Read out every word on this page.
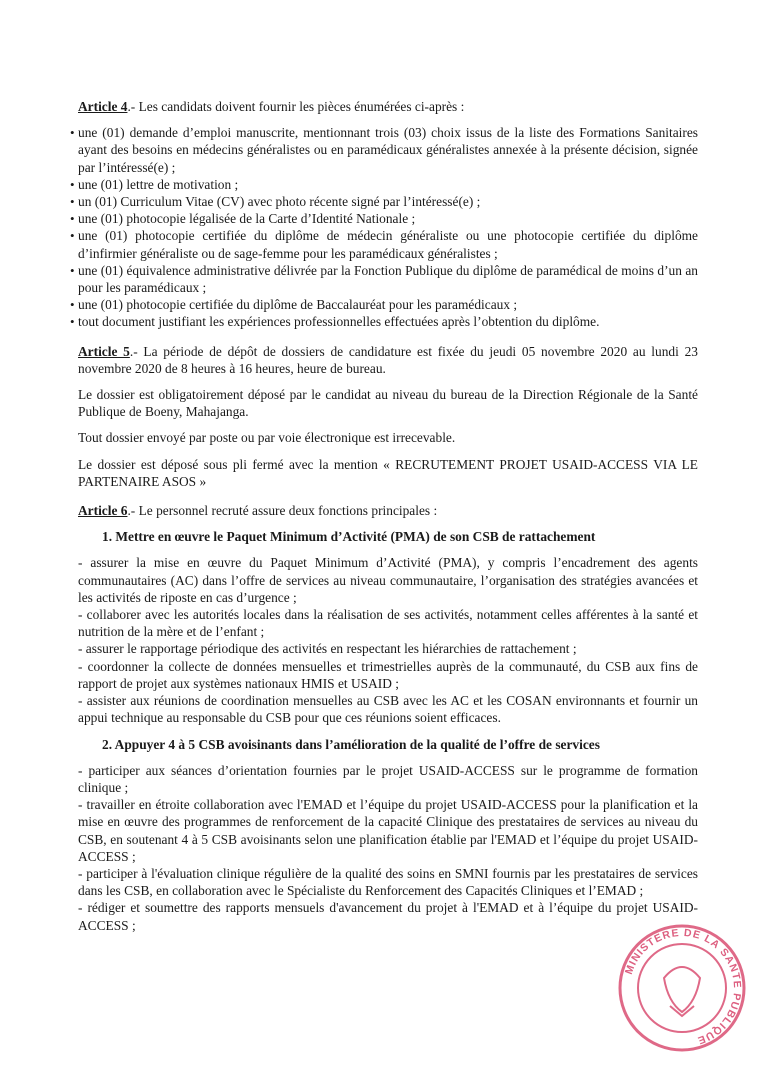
Article 4.- Les candidats doivent fournir les pièces énumérées ci-après :

• une (01) demande d’emploi manuscrite, mentionnant trois (03) choix issus de la liste des Formations Sanitaires ayant des besoins en médecins généralistes ou en paramédicaux généralistes annexée à la présente décision, signée par l’intéressé(e) ;
• une (01) lettre de motivation ;
• un (01) Curriculum Vitae (CV) avec photo récente signé par l’intéressé(e) ;
• une (01) photocopie légalisée de la Carte d’Identité Nationale ;
• une (01) photocopie certifiée du diplôme de médecin généraliste ou une photocopie certifiée du diplôme d’infirmier généraliste ou de sage-femme pour les paramédicaux généralistes ;
• une (01) équivalence administrative délivrée par la Fonction Publique du diplôme de paramédical de moins d’un an pour les paramédicaux ;
• une (01) photocopie certifiée du diplôme de Baccalauréat pour les paramédicaux ;
• tout document justifiant les expériences professionnelles effectuées après l’obtention du diplôme.

Article 5.- La période de dépôt de dossiers de candidature est fixée du jeudi 05 novembre 2020 au lundi 23 novembre 2020 de 8 heures à 16 heures, heure de bureau.

Le dossier est obligatoirement déposé par le candidat au niveau du bureau de la Direction Régionale de la Santé Publique de Boeny, Mahajanga.

Tout dossier envoyé par poste ou par voie électronique est irrecevable.

Le dossier est déposé sous pli fermé avec la mention « RECRUTEMENT PROJET USAID-ACCESS VIA LE PARTENAIRE ASOS »

Article 6.- Le personnel recruté assure deux fonctions principales :

1. Mettre en œuvre le Paquet Minimum d’Activité (PMA) de son CSB de rattachement

- assurer la mise en œuvre du Paquet Minimum d’Activité (PMA), y compris l’encadrement des agents communautaires (AC) dans l’offre de services au niveau communautaire, l’organisation des stratégies avancées et les activités de riposte en cas d’urgence ;

- collaborer avec les autorités locales dans la réalisation de ses activités, notamment celles afférentes à la santé et nutrition de la mère et de l’enfant ;

- assurer le rapportage périodique des activités en respectant les hiérarchies de rattachement ;

- coordonner la collecte de données mensuelles et trimestrielles auprès de la communauté, du CSB aux fins de rapport de projet aux systèmes nationaux HMIS et USAID ;

- assister aux réunions de coordination mensuelles au CSB avec les AC et les COSAN environnants et fournir un appui technique au responsable du CSB pour que ces réunions soient efficaces.

2. Appuyer 4 à 5 CSB avoisinants dans l’amélioration de la qualité de l’offre de services

- participer aux séances d’orientation fournies par le projet USAID-ACCESS sur le programme de formation clinique ;

- travailler en étroite collaboration avec l'EMAD et l’équipe du projet USAID-ACCESS pour la planification et la mise en œuvre des programmes de renforcement de la capacité Clinique des prestataires de services au niveau du CSB, en soutenant 4 à 5 CSB avoisinants selon une planification établie par l'EMAD et l’équipe du projet USAID-ACCESS ;

- participer à l'évaluation clinique régulière de la qualité des soins en SMNI fournis par les prestataires de services dans les CSB, en collaboration avec le Spécialiste du Renforcement des Capacités Cliniques et l’EMAD ;

- rédiger et soumettre des rapports mensuels d'avancement du projet à l'EMAD et à l’équipe du projet USAID-ACCESS ;

MINISTERE DE LA SANTE PUBLIQUE
